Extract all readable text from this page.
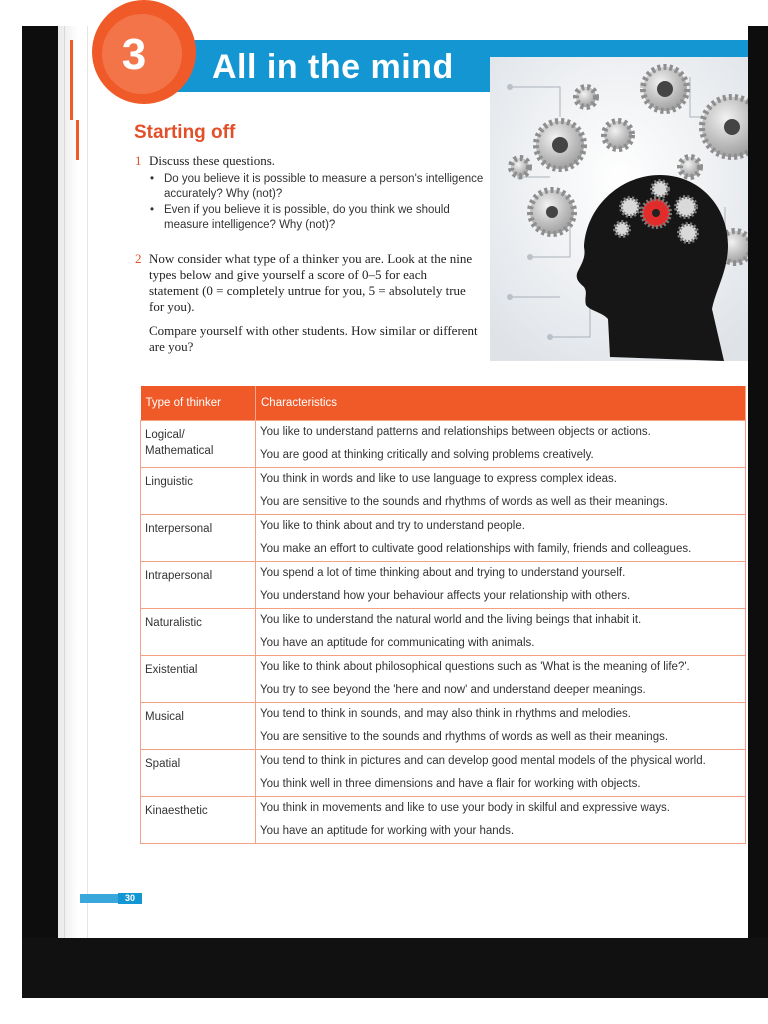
All in the mind
3
Starting off
1 Discuss these questions.
• Do you believe it is possible to measure a person's intelligence accurately? Why (not)?
• Even if you believe it is possible, do you think we should measure intelligence? Why (not)?
2 Now consider what type of a thinker you are. Look at the nine types below and give yourself a score of 0–5 for each statement (0 = completely untrue for you, 5 = absolutely true for you).
Compare yourself with other students. How similar or different are you?
Type of thinker	Characteristics
Logical/ Mathematical	You like to understand patterns and relationships between objects or actions.
You are good at thinking critically and solving problems creatively.

Linguistic	You think in words and like to use language to express complex ideas.
You are sensitive to the sounds and rhythms of words as well as their meanings.

Interpersonal	You like to think about and try to understand people.
You make an effort to cultivate good relationships with family, friends and colleagues.

Intrapersonal	You spend a lot of time thinking about and trying to understand yourself.
You understand how your behaviour affects your relationship with others.

Naturalistic	You like to understand the natural world and the living beings that inhabit it.
You have an aptitude for communicating with animals.

Existential	You like to think about philosophical questions such as 'What is the meaning of life?'.
You try to see beyond the 'here and now' and understand deeper meanings.

Musical	You tend to think in sounds, and may also think in rhythms and melodies.
You are sensitive to the sounds and rhythms of words as well as their meanings.

Spatial	You tend to think in pictures and can develop good mental models of the physical world.
You think well in three dimensions and have a flair for working with objects.

Kinaesthetic	You think in movements and like to use your body in skilful and expressive ways.
You have an aptitude for working with your hands.
30
